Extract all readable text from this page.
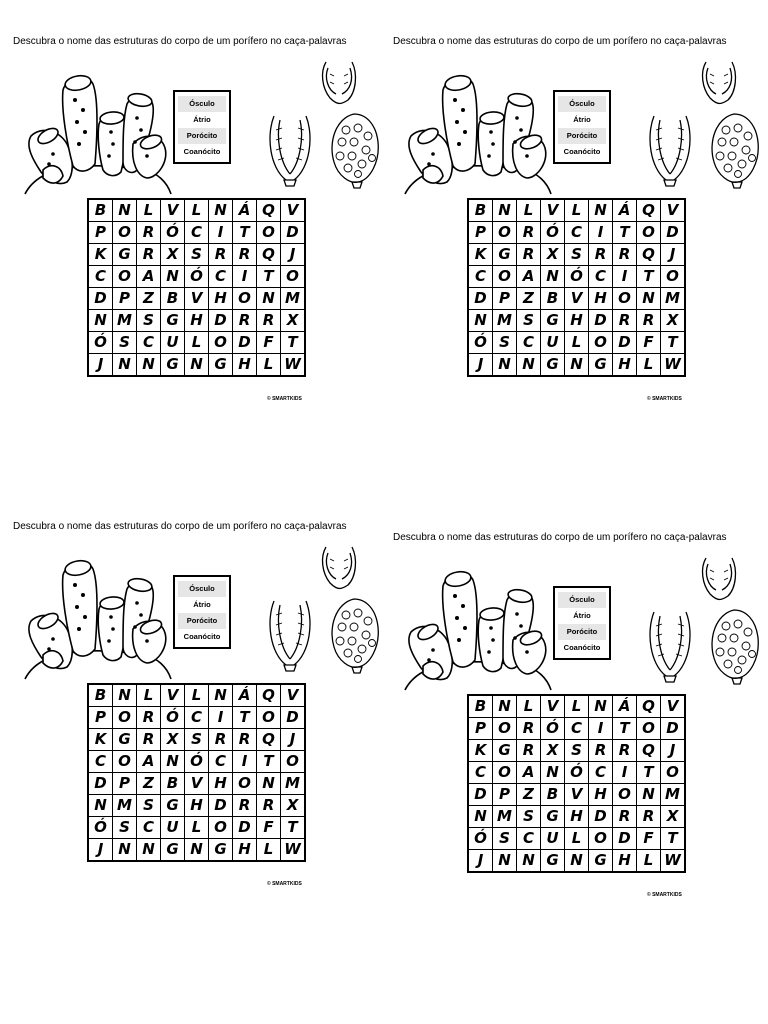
Descubra o nome das estruturas do corpo de um porífero no caça-palavras
Ósculo
Átrio
Porócito
Coanócito
B	N	L	V	L	N	Á	Q	V
P	O	R	Ó	C	I	T	O	D
K	G	R	X	S	R	R	Q	J
C	O	A	N	Ó	C	I	T	O
D	P	Z	B	V	H	O	N	M
N	M	S	G	H	D	R	R	X
Ó	S	C	U	L	O	D	F	T
J	N	N	G	N	G	H	L	W
© SMARTKIDS
Descubra o nome das estruturas do corpo de um porífero no caça-palavras
Ósculo
Átrio
Porócito
Coanócito
B	N	L	V	L	N	Á	Q	V
P	O	R	Ó	C	I	T	O	D
K	G	R	X	S	R	R	Q	J
C	O	A	N	Ó	C	I	T	O
D	P	Z	B	V	H	O	N	M
N	M	S	G	H	D	R	R	X
Ó	S	C	U	L	O	D	F	T
J	N	N	G	N	G	H	L	W
© SMARTKIDS
Descubra o nome das estruturas do corpo de um porífero no caça-palavras
Ósculo
Átrio
Porócito
Coanócito
B	N	L	V	L	N	Á	Q	V
P	O	R	Ó	C	I	T	O	D
K	G	R	X	S	R	R	Q	J
C	O	A	N	Ó	C	I	T	O
D	P	Z	B	V	H	O	N	M
N	M	S	G	H	D	R	R	X
Ó	S	C	U	L	O	D	F	T
J	N	N	G	N	G	H	L	W
© SMARTKIDS
Descubra o nome das estruturas do corpo de um porífero no caça-palavras
Ósculo
Átrio
Porócito
Coanócito
B	N	L	V	L	N	Á	Q	V
P	O	R	Ó	C	I	T	O	D
K	G	R	X	S	R	R	Q	J
C	O	A	N	Ó	C	I	T	O
D	P	Z	B	V	H	O	N	M
N	M	S	G	H	D	R	R	X
Ó	S	C	U	L	O	D	F	T
J	N	N	G	N	G	H	L	W
© SMARTKIDS
